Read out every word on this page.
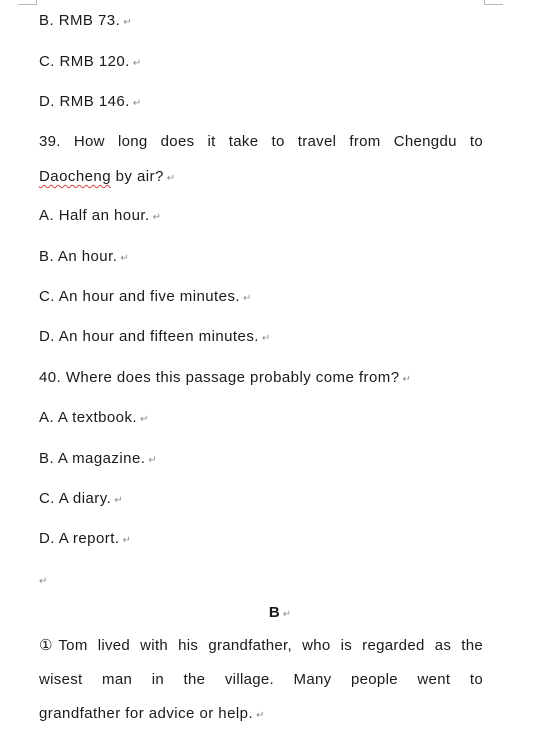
B. RMB 73. ↵
C. RMB 120. ↵
D. RMB 146. ↵
39. How long does it take to travel from Chengdu to
Daocheng by air? ↵
A. Half an hour. ↵
B. An hour. ↵
C. An hour and five minutes. ↵
D. An hour and fifteen minutes. ↵
40. Where does this passage probably come from? ↵
A. A textbook. ↵
B. A magazine. ↵
C. A diary. ↵
D. A report. ↵
↵
B ↵
①Tom lived with his grandfather, who is regarded as the
wisest man in the village. Many people went to
grandfather for advice or help. ↵
